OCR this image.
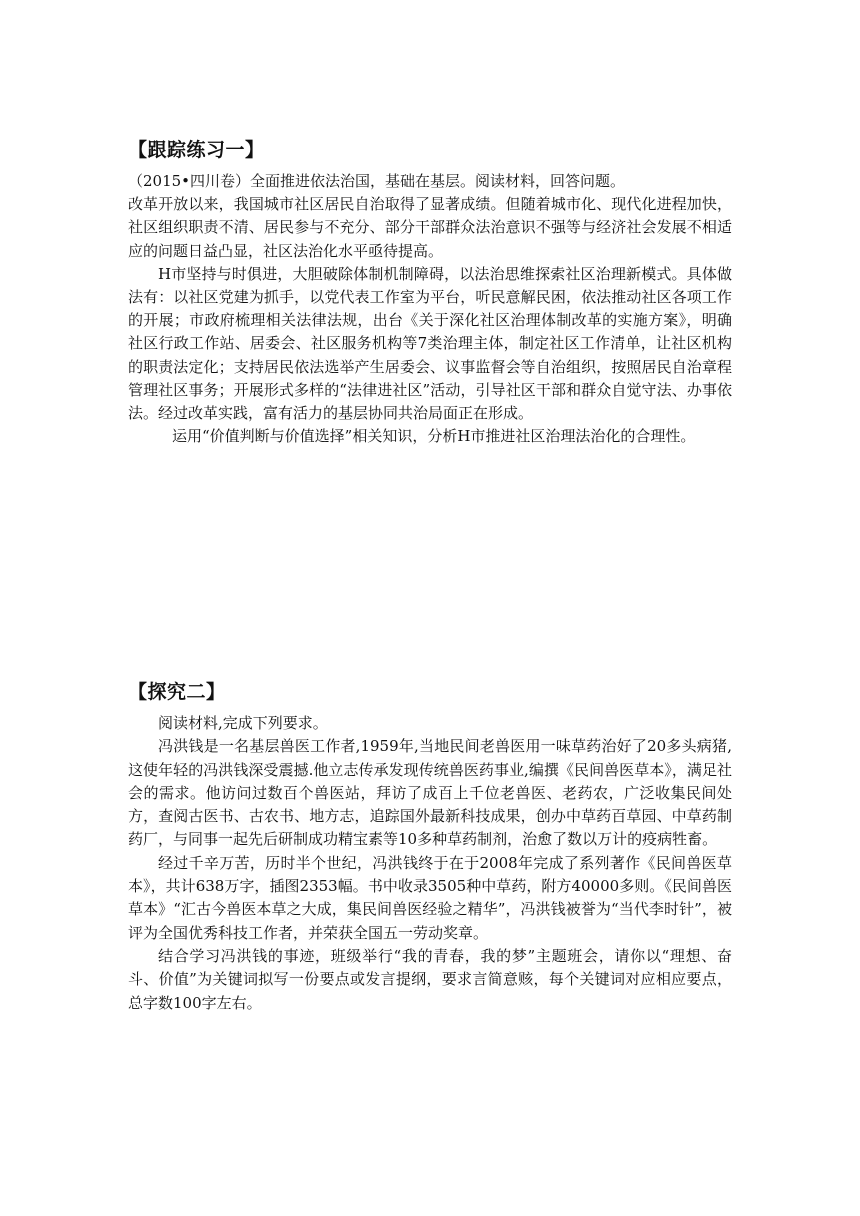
【跟踪练习一】

（2015•四川卷）全面推进依法治国，基础在基层。阅读材料，回答问题。

改革开放以来，我国城市社区居民自治取得了显著成绩。但随着城市化、现代化进程加快，社区组织职责不清、居民参与不充分、部分干部群众法治意识不强等与经济社会发展不相适应的问题日益凸显，社区法治化水平亟待提高。

H市坚持与时俱进，大胆破除体制机制障碍，以法治思维探索社区治理新模式。具体做法有：以社区党建为抓手，以党代表工作室为平台，听民意解民困，依法推动社区各项工作的开展；市政府梳理相关法律法规，出台《关于深化社区治理体制改革的实施方案》，明确社区行政工作站、居委会、社区服务机构等7类治理主体，制定社区工作清单，让社区机构的职责法定化；支持居民依法选举产生居委会、议事监督会等自治组织，按照居民自治章程管理社区事务；开展形式多样的“法律进社区”活动，引导社区干部和群众自觉守法、办事依法。经过改革实践，富有活力的基层协同共治局面正在形成。

运用“价值判断与价值选择”相关知识，分析H市推进社区治理法治化的合理性。

【探究二】

阅读材料,完成下列要求。

冯洪钱是一名基层兽医工作者,1959年,当地民间老兽医用一味草药治好了20多头病猪,这使年轻的冯洪钱深受震撼.他立志传承发现传统兽医药事业,编撰《民间兽医草本》，满足社会的需求。他访问过数百个兽医站，拜访了成百上千位老兽医、老药农，广泛收集民间处方，查阅古医书、古农书、地方志，追踪国外最新科技成果，创办中草药百草园、中草药制药厂，与同事一起先后研制成功精宝素等10多种草药制剂，治愈了数以万计的疫病牲畜。

经过千辛万苦，历时半个世纪，冯洪钱终于在于2008年完成了系列著作《民间兽医草本》，共计638万字，插图2353幅。书中收录3505种中草药，附方40000多则。《民间兽医草本》“汇古今兽医本草之大成，集民间兽医经验之精华”，冯洪钱被誉为“当代李时针”，被评为全国优秀科技工作者，并荣获全国五一劳动奖章。

结合学习冯洪钱的事迹，班级举行“我的青春，我的梦”主题班会，请你以“理想、奋斗、价值”为关键词拟写一份要点或发言提纲，要求言简意赅，每个关键词对应相应要点，总字数100字左右。
